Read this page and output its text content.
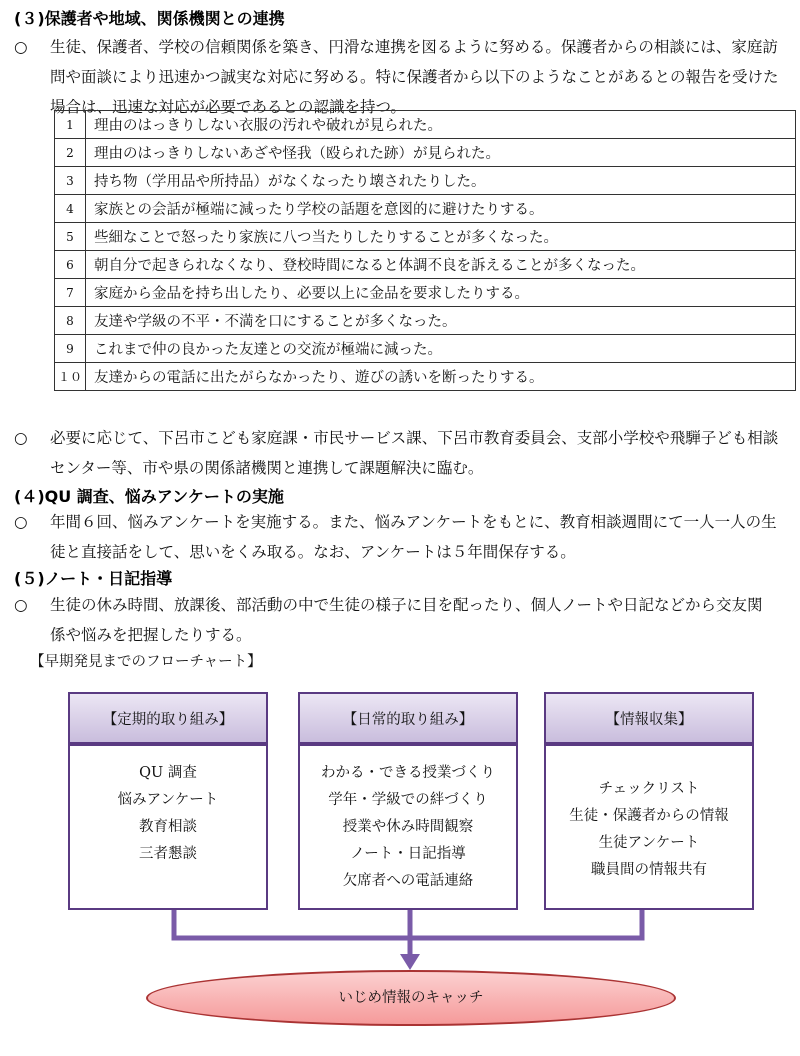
(３)保護者や地域、関係機関との連携
○	生徒、保護者、学校の信頼関係を築き、円滑な連携を図るように努める。保護者からの相談には、家庭訪
問や面談により迅速かつ誠実な対応に努める。特に保護者から以下のようなことがあるとの報告を受けた
場合は、迅速な対応が必要であるとの認識を持つ。
1	理由のはっきりしない衣服の汚れや破れが見られた。
2	理由のはっきりしないあざや怪我（殴られた跡）が見られた。
3	持ち物（学用品や所持品）がなくなったり壊されたりした。
4	家族との会話が極端に減ったり学校の話題を意図的に避けたりする。
5	些細なことで怒ったり家族に八つ当たりしたりすることが多くなった。
6	朝自分で起きられなくなり、登校時間になると体調不良を訴えることが多くなった。
7	家庭から金品を持ち出したり、必要以上に金品を要求したりする。
8	友達や学級の不平・不満を口にすることが多くなった。
9	これまで仲の良かった友達との交流が極端に減った。
１０	友達からの電話に出たがらなかったり、遊びの誘いを断ったりする。
○	必要に応じて、下呂市こども家庭課・市民サービス課、下呂市教育委員会、支部小学校や飛騨子ども相談
センター等、市や県の関係諸機関と連携して課題解決に臨む。
(４)QU 調査、悩みアンケートの実施
○	年間６回、悩みアンケートを実施する。また、悩みアンケートをもとに、教育相談週間にて一人一人の生
徒と直接話をして、思いをくみ取る。なお、アンケートは５年間保存する。
(５)ノート・日記指導
○	生徒の休み時間、放課後、部活動の中で生徒の様子に目を配ったり、個人ノートや日記などから交友関
係や悩みを把握したりする。
【早期発見までのフローチャート】
【定期的取り組み】
QU 調査
悩みアンケート
教育相談
三者懇談
【日常的取り組み】
わかる・できる授業づくり
学年・学級での絆づくり
授業や休み時間観察
ノート・日記指導
欠席者への電話連絡
【情報収集】
チェックリスト
生徒・保護者からの情報
生徒アンケート
職員間の情報共有
いじめ情報のキャッチ
